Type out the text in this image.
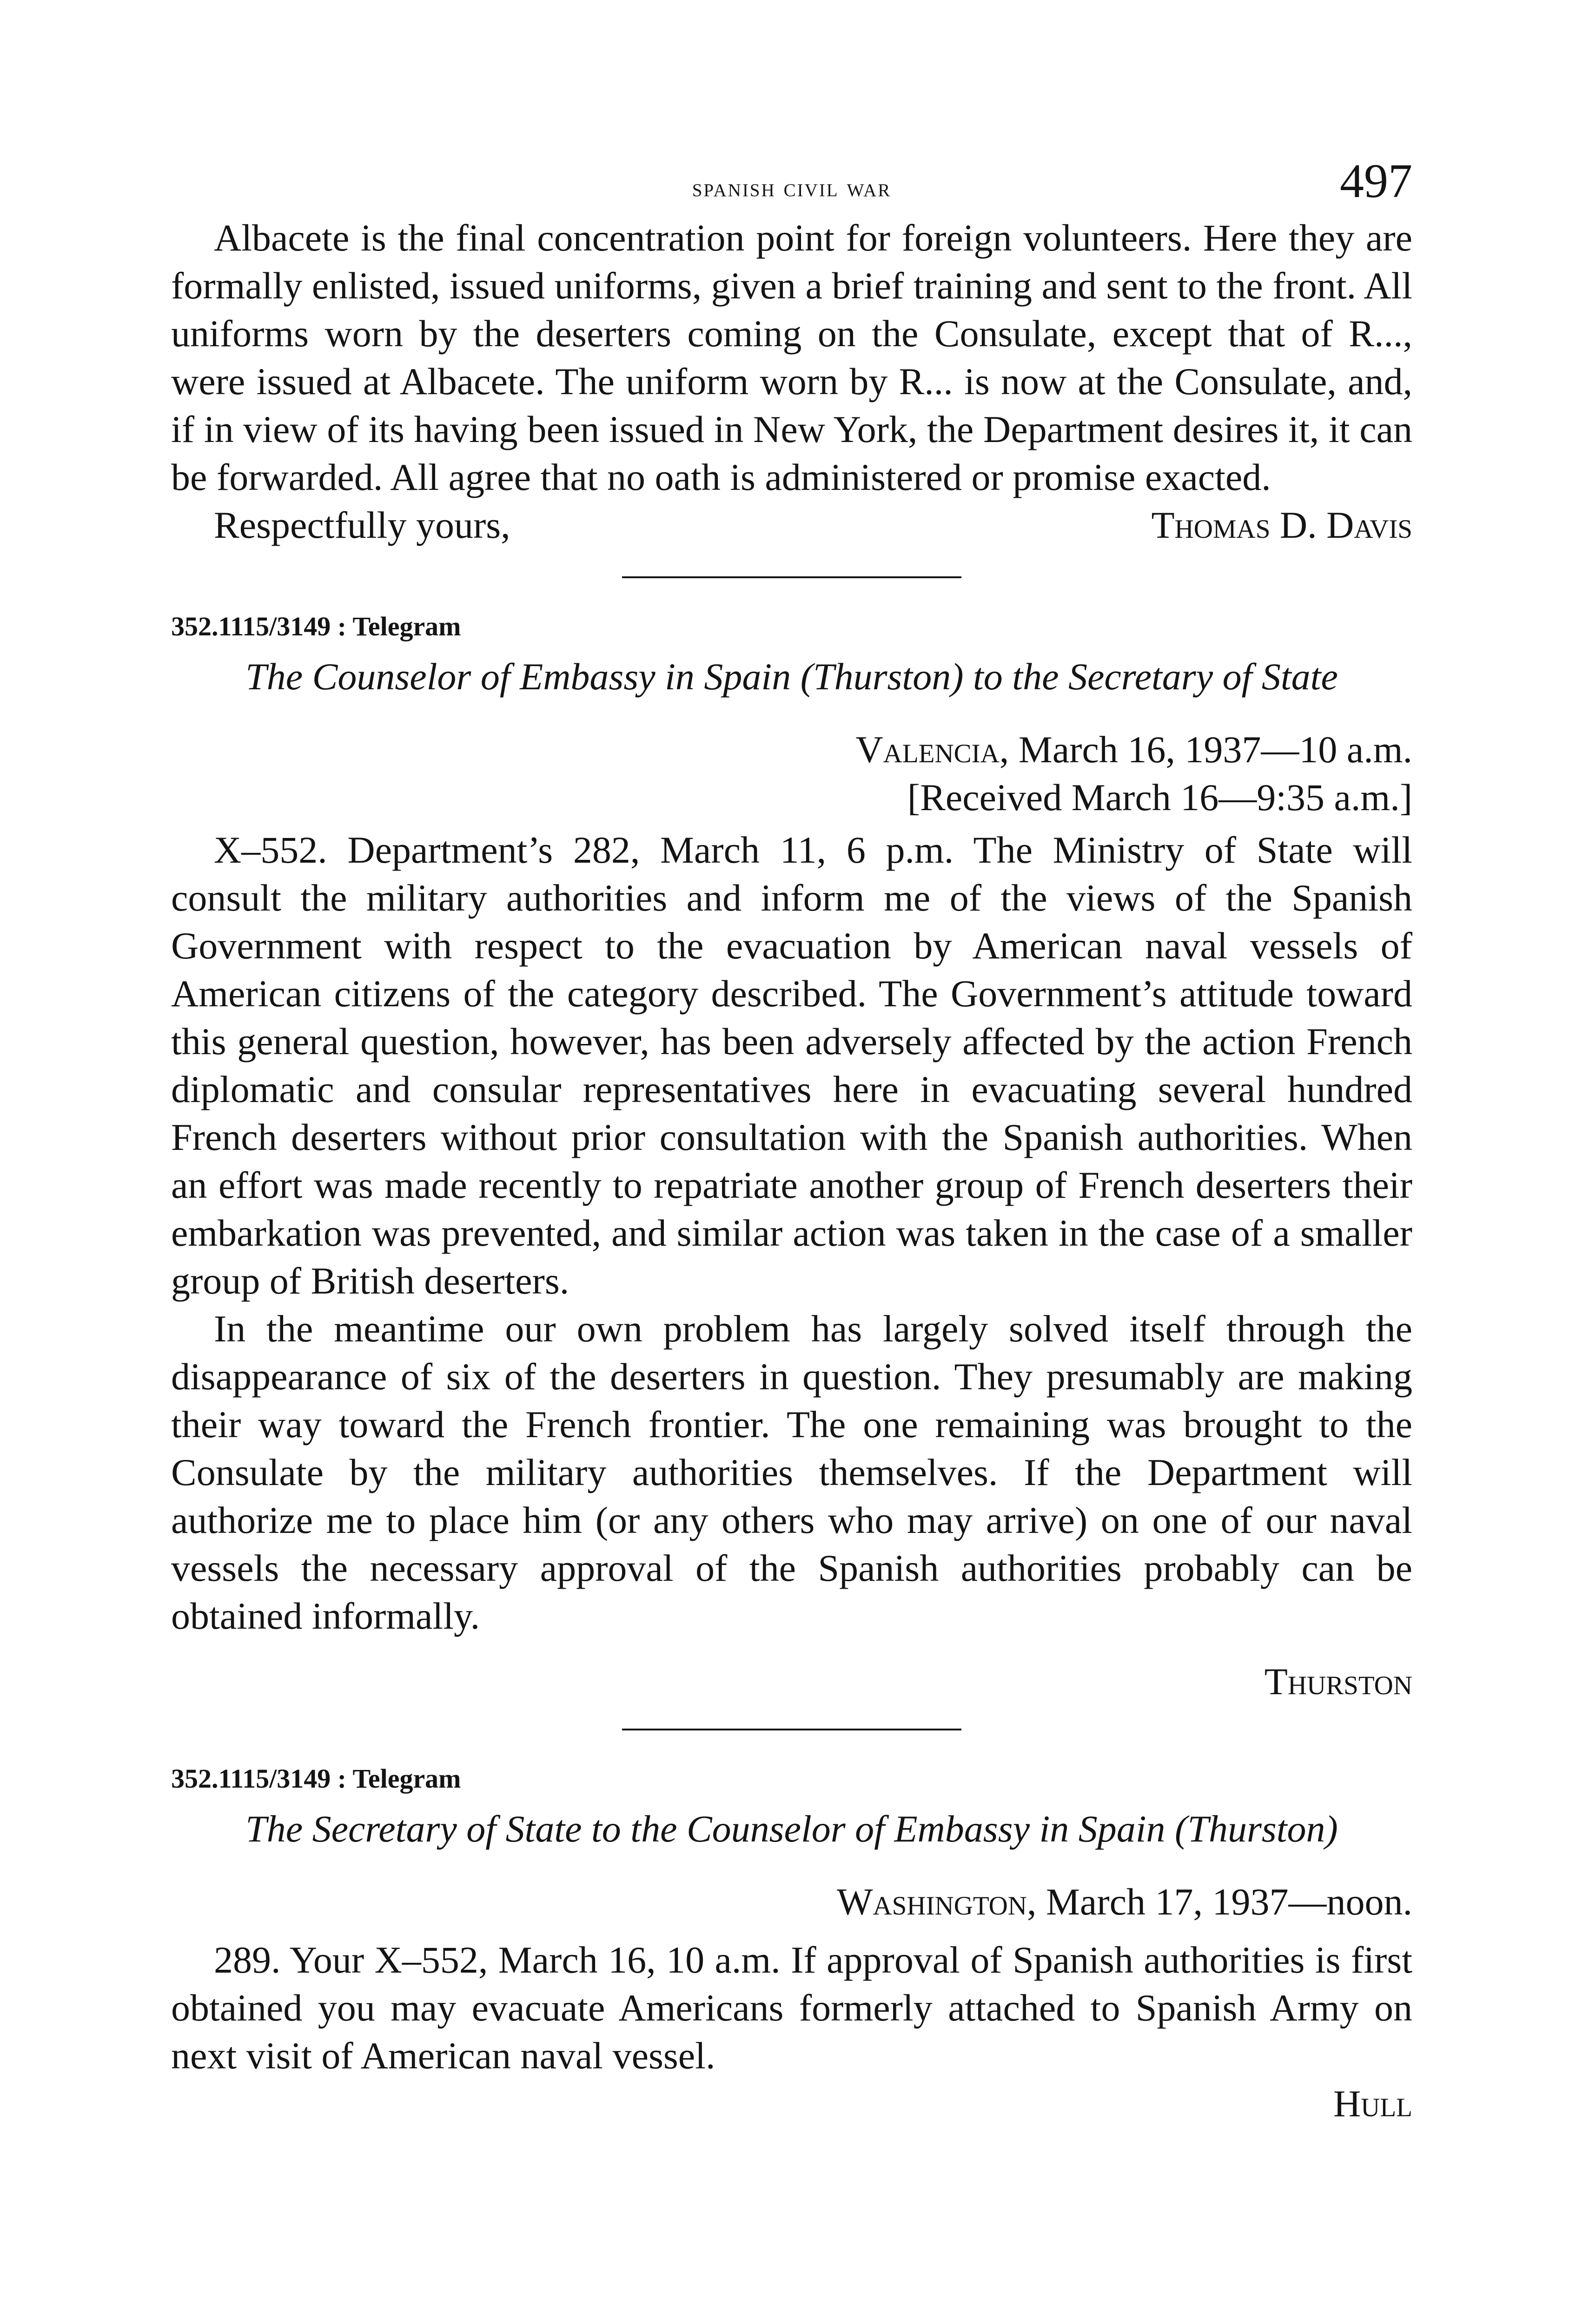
spanish civil war	497

Albacete is the final concentration point for foreign volunteers. Here they are formally enlisted, issued uniforms, given a brief training and sent to the front. All uniforms worn by the deserters coming on the Consulate, except that of R..., were issued at Albacete. The uniform worn by R... is now at the Consulate, and, if in view of its having been issued in New York, the Department desires it, it can be forwarded. All agree that no oath is administered or promise exacted.

Respectfully yours,	Thomas D. Davis
352.1115/3149 : Telegram
The Counselor of Embassy in Spain (Thurston) to the Secretary of State
Valencia, March 16, 1937—10 a.m.
[Received March 16—9:35 a.m.]

X–552. Department’s 282, March 11, 6 p.m. The Ministry of State will consult the military authorities and inform me of the views of the Spanish Government with respect to the evacuation by American naval vessels of American citizens of the category described. The Government’s attitude toward this general question, however, has been adversely affected by the action French diplomatic and consular representatives here in evacuating several hundred French deserters without prior consultation with the Spanish authorities. When an effort was made recently to repatriate another group of French deserters their embarkation was prevented, and similar action was taken in the case of a smaller group of British deserters.

In the meantime our own problem has largely solved itself through the disappearance of six of the deserters in question. They presumably are making their way toward the French frontier. The one remaining was brought to the Consulate by the military authorities themselves. If the Department will authorize me to place him (or any others who may arrive) on one of our naval vessels the necessary approval of the Spanish authorities probably can be obtained informally.

Thurston
352.1115/3149 : Telegram
The Secretary of State to the Counselor of Embassy in Spain (Thurston)
Washington, March 17, 1937—noon.

289. Your X–552, March 16, 10 a.m. If approval of Spanish authorities is first obtained you may evacuate Americans formerly attached to Spanish Army on next visit of American naval vessel.

Hull
